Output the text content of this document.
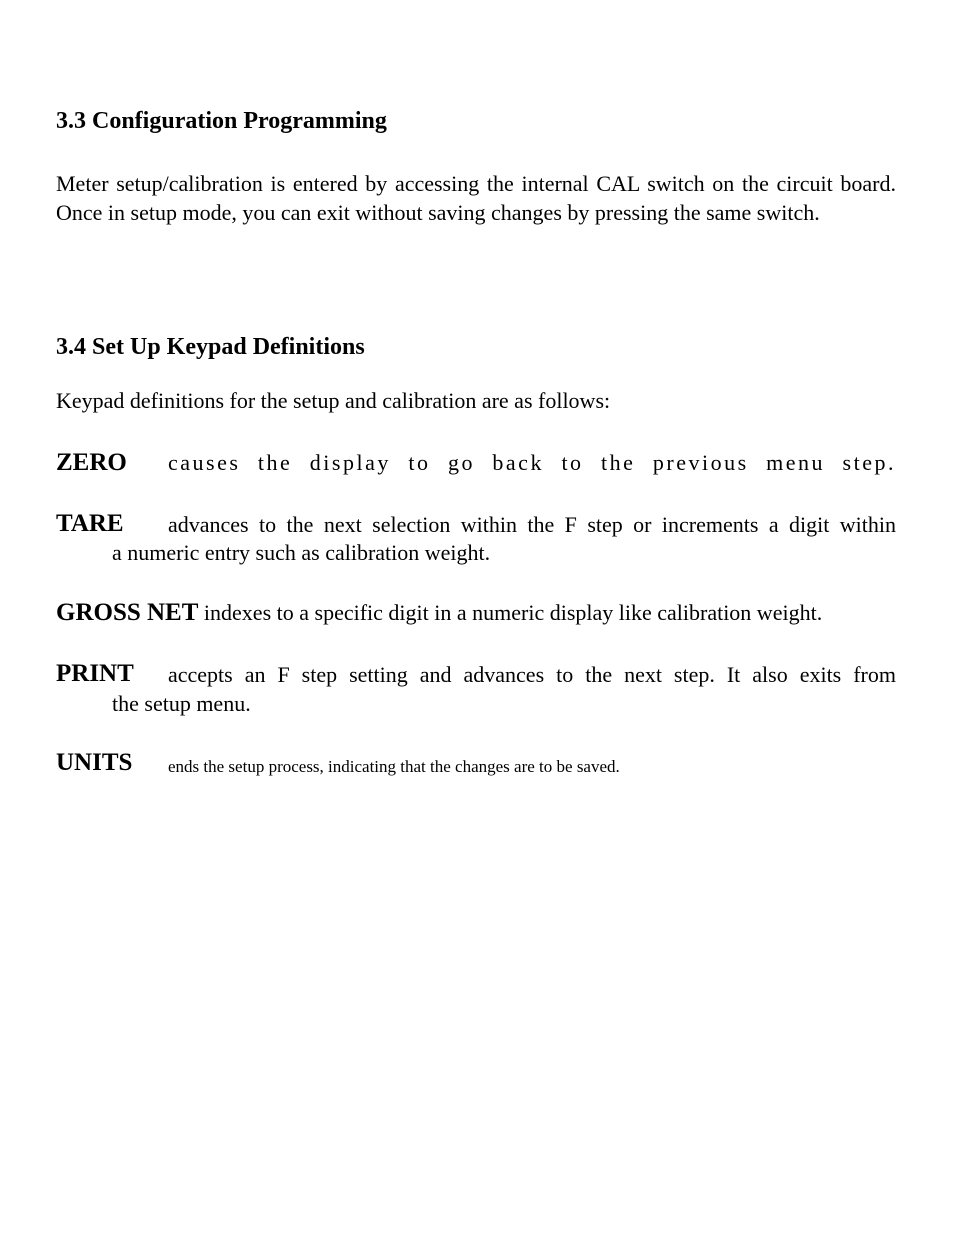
3.3 Configuration Programming
Meter setup/calibration is entered by accessing the internal CAL switch on the circuit board. Once in setup mode, you can exit without saving changes by pressing the same switch.
3.4 Set Up Keypad Definitions
Keypad definitions for the setup and calibration are as follows:
ZERO	causes the display to go back to the previous menu step.
TARE	advances to the next selection within the F step or increments a digit within
a numeric entry such as calibration weight.
GROSS NET indexes to a specific digit in a numeric display like calibration weight.
PRINT	accepts an F step setting and advances to the next step. It also exits from
the setup menu.
UNITS	ends the setup process, indicating that the changes are to be saved.
